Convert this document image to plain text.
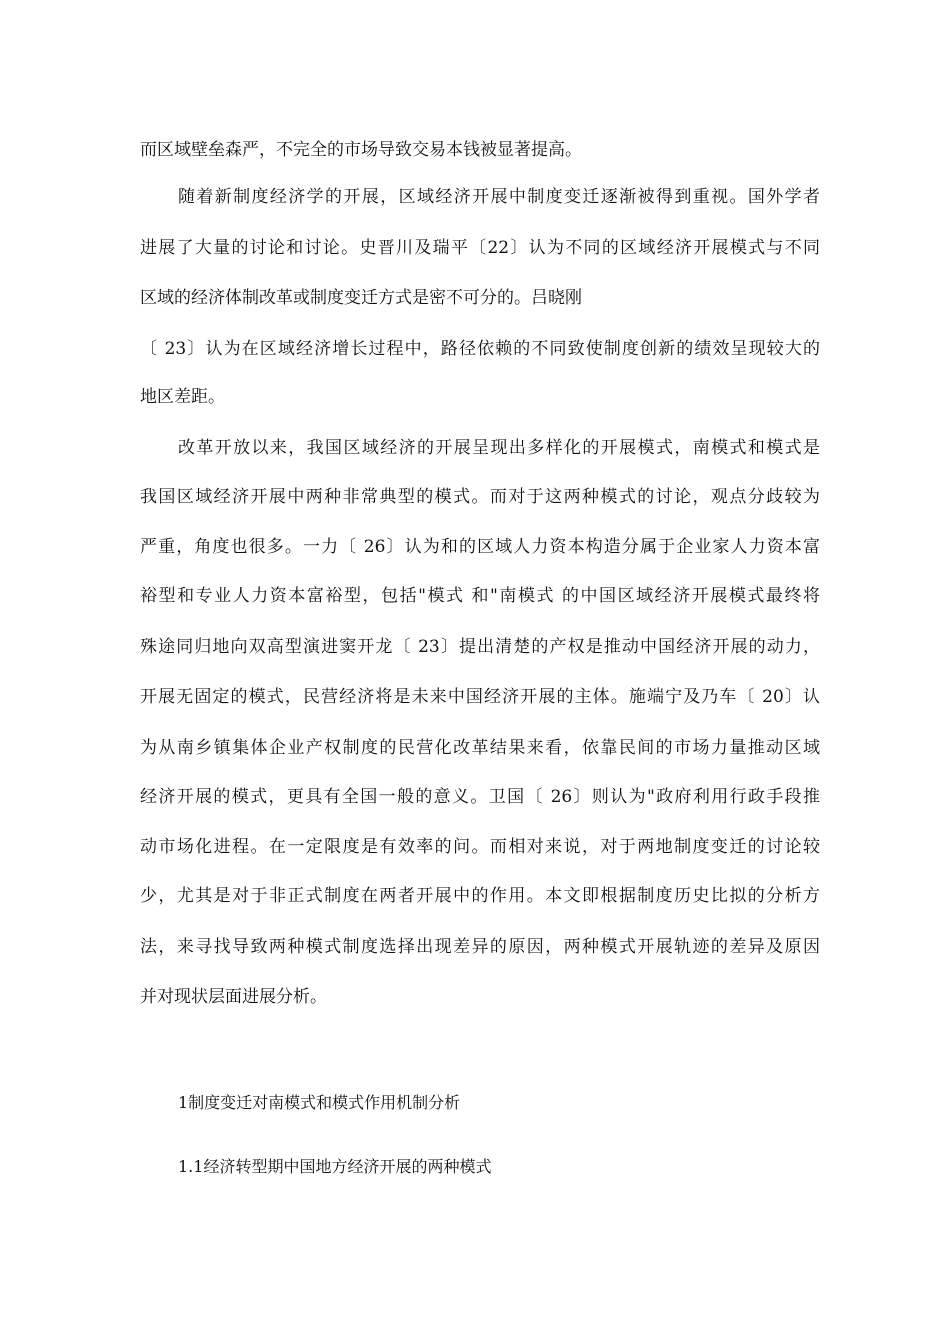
而区域壁垒森严，不完全的市场导致交易本钱被显著提高。
随着新制度经济学的开展，区域经济开展中制度变迁逐渐被得到重视。国外学者
进展了大量的讨论和讨论。史晋川及瑞平〔22〕认为不同的区域经济开展模式与不同
区域的经济体制改革或制度变迁方式是密不可分的。吕晓刚
〔 23〕认为在区域经济增长过程中，路径依赖的不同致使制度创新的绩效呈现较大的
地区差距。
改革开放以来，我国区域经济的开展呈现出多样化的开展模式，南模式和模式是
我国区域经济开展中两种非常典型的模式。而对于这两种模式的讨论，观点分歧较为
严重，角度也很多。一力〔 26〕认为和的区域人力资本构造分属于企业家人力资本富
裕型和专业人力资本富裕型，包括"模式 和"南模式 的中国区域经济开展模式最终将
殊途同归地向双高型演进窦开龙〔 23〕提出清楚的产权是推动中国经济开展的动力，
开展无固定的模式，民营经济将是未来中国经济开展的主体。施端宁及乃车〔 20〕认
为从南乡镇集体企业产权制度的民营化改革结果来看，依靠民间的市场力量推动区域
经济开展的模式，更具有全国一般的意义。卫国〔 26〕则认为"政府利用行政手段推
动市场化进程。在一定限度是有效率的问。而相对来说，对于两地制度变迁的讨论较
少，尤其是对于非正式制度在两者开展中的作用。本文即根据制度历史比拟的分析方
法，来寻找导致两种模式制度选择出现差异的原因，两种模式开展轨迹的差异及原因
并对现状层面进展分析。
1制度变迁对南模式和模式作用机制分析
1.1经济转型期中国地方经济开展的两种模式
